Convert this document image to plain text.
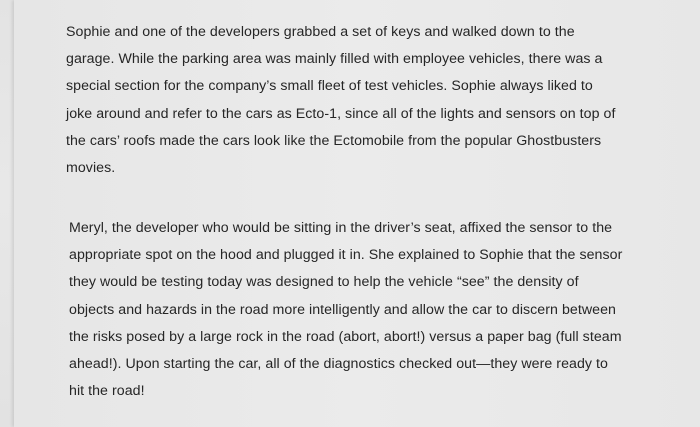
Sophie and one of the developers grabbed a set of keys and walked down to the
garage. While the parking area was mainly filled with employee vehicles, there was a
special section for the company’s small fleet of test vehicles. Sophie always liked to
joke around and refer to the cars as Ecto-1, since all of the lights and sensors on top of
the cars’ roofs made the cars look like the Ectomobile from the popular Ghostbusters
movies.

Meryl, the developer who would be sitting in the driver’s seat, affixed the sensor to the
appropriate spot on the hood and plugged it in. She explained to Sophie that the sensor
they would be testing today was designed to help the vehicle “see” the density of
objects and hazards in the road more intelligently and allow the car to discern between
the risks posed by a large rock in the road (abort, abort!) versus a paper bag (full steam
ahead!). Upon starting the car, all of the diagnostics checked out—they were ready to
hit the road!
